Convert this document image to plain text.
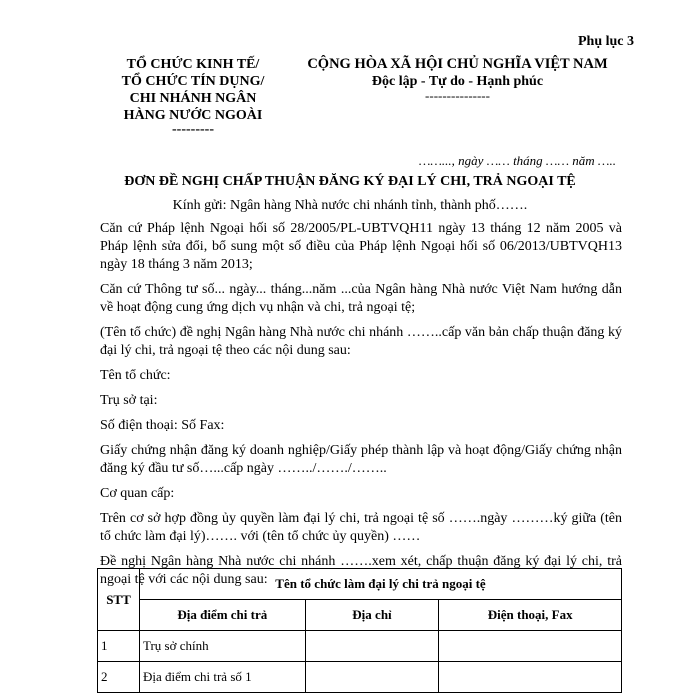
Phụ lục 3
TỔ CHỨC KINH TẾ/
TỔ CHỨC TÍN DỤNG/
CHI NHÁNH NGÂN
HÀNG NƯỚC NGOÀI
---------
CỘNG HÒA XÃ HỘI CHỦ NGHĨA VIỆT NAM
Độc lập - Tự do - Hạnh phúc
---------------
……..., ngày …… tháng …… năm …..
ĐƠN ĐỀ NGHỊ CHẤP THUẬN ĐĂNG KÝ ĐẠI LÝ CHI, TRẢ NGOẠI TỆ
Kính gửi: Ngân hàng Nhà nước chi nhánh tỉnh, thành phố…….

Căn cứ Pháp lệnh Ngoại hối số 28/2005/PL-UBTVQH11 ngày 13 tháng 12 năm 2005 và Pháp lệnh sửa đổi, bổ sung một số điều của Pháp lệnh Ngoại hối số 06/2013/UBTVQH13 ngày 18 tháng 3 năm 2013;

Căn cứ Thông tư số... ngày... tháng...năm ...của Ngân hàng Nhà nước Việt Nam hướng dẫn về hoạt động cung ứng dịch vụ nhận và chi, trả ngoại tệ;

(Tên tổ chức) đề nghị Ngân hàng Nhà nước chi nhánh ……..cấp văn bản chấp thuận đăng ký đại lý chi, trả ngoại tệ theo các nội dung sau:

Tên tổ chức:

Trụ sở tại:

Số điện thoại: Số Fax:

Giấy chứng nhận đăng ký doanh nghiệp/Giấy phép thành lập và hoạt động/Giấy chứng nhận đăng ký đầu tư số…...cấp ngày ……../……./……..

Cơ quan cấp:

Trên cơ sở hợp đồng ủy quyền làm đại lý chi, trả ngoại tệ số …….ngày ………ký giữa (tên tổ chức làm đại lý)……. với (tên tổ chức ủy quyền) ……

Đề nghị Ngân hàng Nhà nước chi nhánh …….xem xét, chấp thuận đăng ký đại lý chi, trả ngoại tệ với các nội dung sau:

STT	Tên tổ chức làm đại lý chi trả ngoại tệ		
	Địa điểm chi trả	Địa chỉ	Điện thoại, Fax
1	Trụ sở chính		
2	Địa điểm chi trả số 1		
